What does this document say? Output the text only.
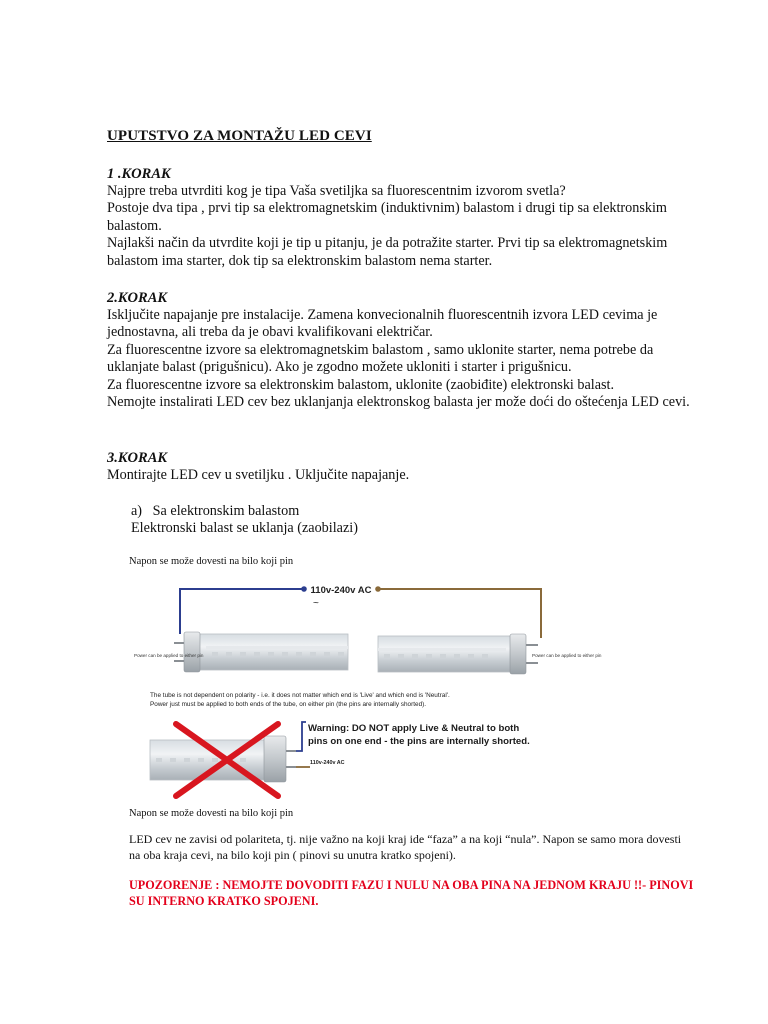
UPUTSTVO ZA MONTAŽU LED CEVI
1 .KORAK

Najpre treba utvrditi kog je tipa Vaša svetiljka sa fluorescentnim izvorom svetla?

Postoje dva tipa , prvi tip sa elektromagnetskim (induktivnim) balastom i drugi tip sa elektronskim balastom.

Najlakši način da utvrdite koji je tip u pitanju, je da potražite starter. Prvi tip sa elektromagnetskim balastom ima starter, dok tip sa elektronskim balastom nema starter.

2.KORAK

Isključite napajanje pre instalacije. Zamena konvecionalnih fluorescentnih izvora LED cevima je jednostavna, ali treba da je obavi kvalifikovani električar.

Za fluorescentne izvore sa elektromagnetskim balastom , samo uklonite starter, nema potrebe da uklanjate balast (prigušnicu). Ako je zgodno možete ukloniti i starter i prigušnicu.

Za fluorescentne izvore sa elektronskim balastom, uklonite (zaobiđite) elektronski balast.

Nemojte instalirati LED cev bez uklanjanja elektronskog balasta jer može doći do oštećenja LED cevi.

3.KORAK

Montirajte LED cev u svetiljku . Uključite napajanje.

a) Sa elektronskim balastom
Elektronski balast se uklanja (zaobilazi)
Napon se može dovesti na bilo koji pin
110v-240v AC
~
Power can be applied to either pin	Power can be applied to either pin
The tube is not dependent on polarity - i.e. it does not matter which end is 'Live' and which end is 'Neutral'.
Power just must be applied to both ends of the tube, on either pin (the pins are internally shorted).
110v-240v AC
Warning: DO NOT apply Live & Neutral to both
pins on one end - the pins are internally shorted.
Napon se može dovesti na bilo koji pin
LED cev ne zavisi od polariteta, tj. nije važno na koji kraj ide “faza” a na koji “nula”. Napon se samo mora dovesti na oba kraja cevi, na bilo koji pin ( pinovi su unutra kratko spojeni).
UPOZORENJE : NEMOJTE DOVODITI FAZU I NULU NA OBA PINA NA JEDNOM KRAJU !!- PINOVI SU INTERNO KRATKO SPOJENI.
